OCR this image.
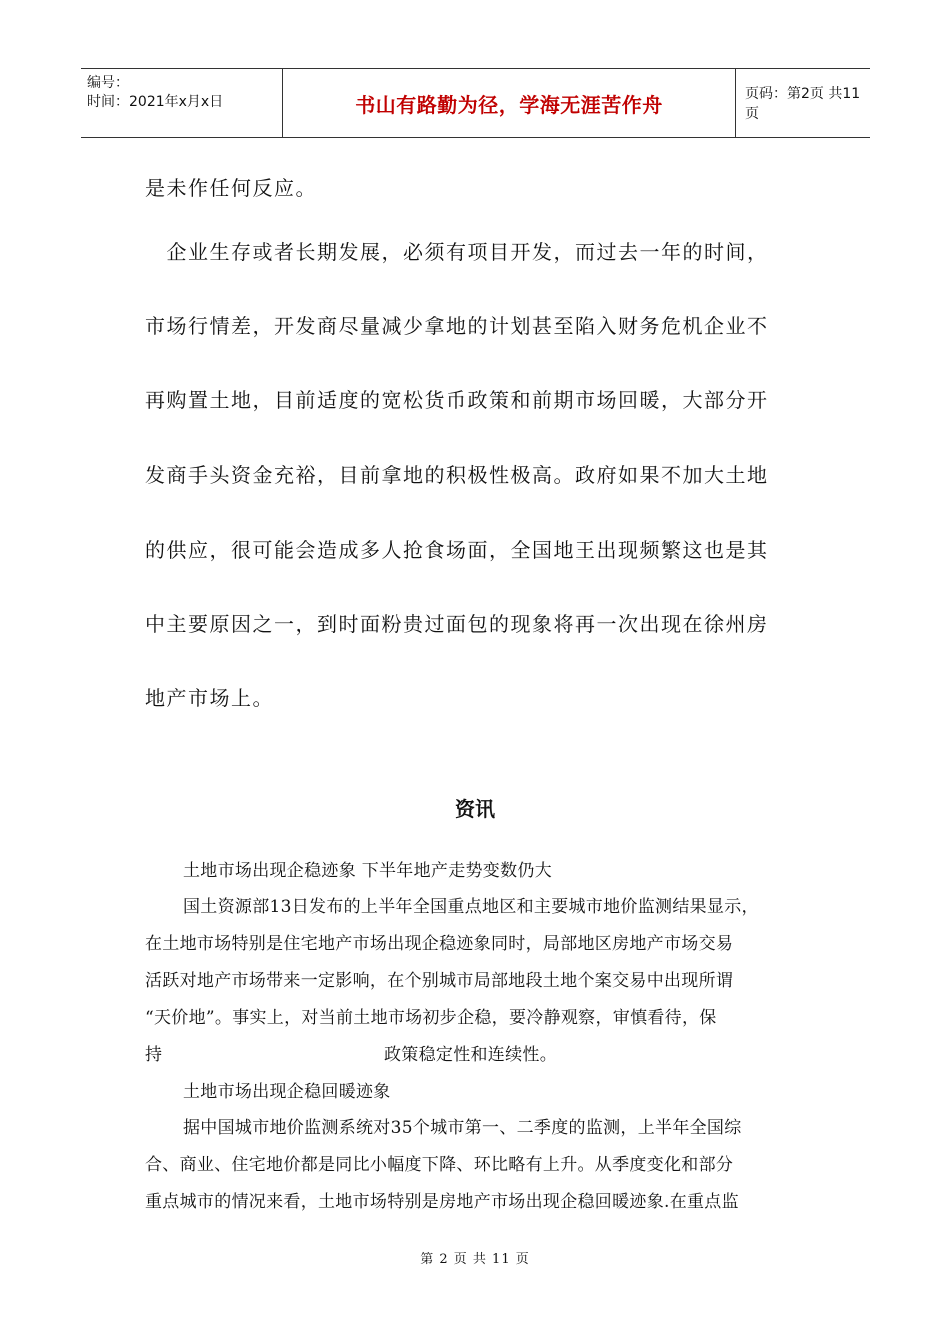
编号：
时间：2021年x月x日	书山有路勤为径，学海无涯苦作舟	页码：第2页 共11页
是未作任何反应。
　企业生存或者长期发展，必须有项目开发，而过去一年的时间，
市场行情差，开发商尽量减少拿地的计划甚至陷入财务危机企业不
再购置土地，目前适度的宽松货币政策和前期市场回暖，大部分开
发商手头资金充裕，目前拿地的积极性极高。政府如果不加大土地
的供应，很可能会造成多人抢食场面，全国地王出现频繁这也是其
中主要原因之一，到时面粉贵过面包的现象将再一次出现在徐州房
地产市场上。
资讯
土地市场出现企稳迹象 下半年地产走势变数仍大
国土资源部13日发布的上半年全国重点地区和主要城市地价监测结果显示，
在土地市场特别是住宅地产市场出现企稳迹象同时，局部地区房地产市场交易
活跃对地产市场带来一定影响，在个别城市局部地段土地个案交易中出现所谓
“天价地”。事实上，对当前土地市场初步企稳，要冷静观察，审慎看待，保
持	政策稳定性和连续性。
土地市场出现企稳回暖迹象
据中国城市地价监测系统对35个城市第一、二季度的监测，上半年全国综
合、商业、住宅地价都是同比小幅度下降、环比略有上升。从季度变化和部分
重点城市的情况来看，土地市场特别是房地产市场出现企稳回暖迹象.在重点监
第 2 页 共 11 页
